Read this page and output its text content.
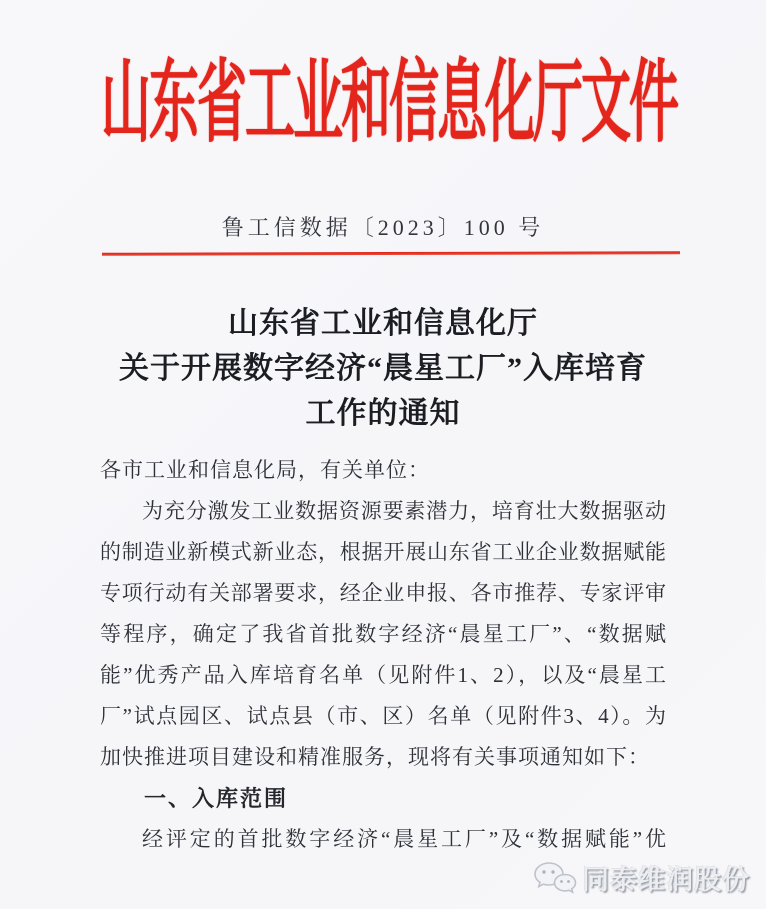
山东省工业和信息化厅文件
鲁工信数据〔2023〕100 号
山东省工业和信息化厅
关于开展数字经济“晨星工厂”入库培育
工作的通知
各市工业和信息化局，有关单位：
为充分激发工业数据资源要素潜力，培育壮大数据驱动
的制造业新模式新业态，根据开展山东省工业企业数据赋能
专项行动有关部署要求，经企业申报、各市推荐、专家评审
等程序，确定了我省首批数字经济“晨星工厂”、“数据赋
能”优秀产品入库培育名单（见附件1、2），以及“晨星工
厂”试点园区、试点县（市、区）名单（见附件3、4）。为
加快推进项目建设和精准服务，现将有关事项通知如下：
一、入库范围
经评定的首批数字经济“晨星工厂”及“数据赋能”优
同泰维润股份
